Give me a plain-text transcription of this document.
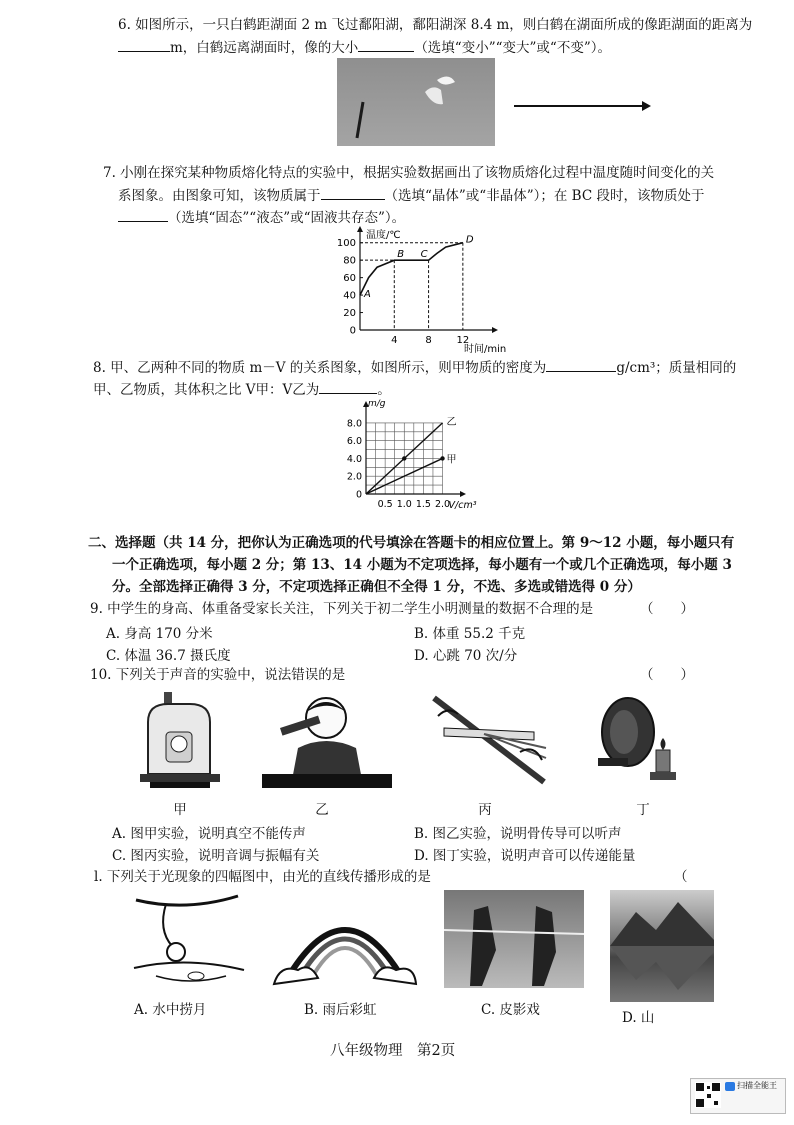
6. 如图所示，一只白鹤距湖面 2 m 飞过鄱阳湖，鄱阳湖深 8.4 m，则白鹤在湖面所成的像距湖面的距离为
m，白鹤远离湖面时，像的大小	（选填“变小”“变大”或“不变”）。
7. 小刚在探究某种物质熔化特点的实验中，根据实验数据画出了该物质熔化过程中温度随时间变化的关
系图象。由图象可知，该物质属于	（选填“晶体”或“非晶体”）；在 BC 段时，该物质处于
（选填“固态”“液态”或“固液共存态”）。
0
20
40
60
80
100
4	8 12
温度/℃
时间/min
A
B C
D
8. 甲、乙两种不同的物质 m－V 的关系图象，如图所示，则甲物质的密度为	g/cm³；质量相同的
甲、乙物质，其体积之比 V甲：V乙为	。
0
2.0
4.0
6.0
8.0
0.5 1.0 1.5 2.0
m/g
V/cm³
乙
甲
二、选择题（共 14 分，把你认为正确选项的代号填涂在答题卡的相应位置上。第 9～12 小题，每小题只有
一个正确选项，每小题 2 分；第 13、14 小题为不定项选择，每小题有一个或几个正确选项，每小题 3
分。全部选择正确得 3 分，不定项选择正确但不全得 1 分，不选、多选或错选得 0 分）
9. 中学生的身高、体重备受家长关注，下列关于初二学生小明测量的数据不合理的是	（　　）
A. 身高 170 分米	B. 体重 55.2 千克
C. 体温 36.7 摄氏度	D. 心跳 70 次/分
10. 下列关于声音的实验中，说法错误的是	（　　）
甲	乙	丙	丁
A. 图甲实验，说明真空不能传声	B. 图乙实验，说明骨传导可以听声
C. 图丙实验，说明音调与振幅有关	D. 图丁实验，说明声音可以传递能量
l. 下列关于光现象的四幅图中，由光的直线传播形成的是	（
A. 水中捞月	B. 雨后彩虹	C. 皮影戏	D. 山
八年级物理　第2页
扫描全能王
